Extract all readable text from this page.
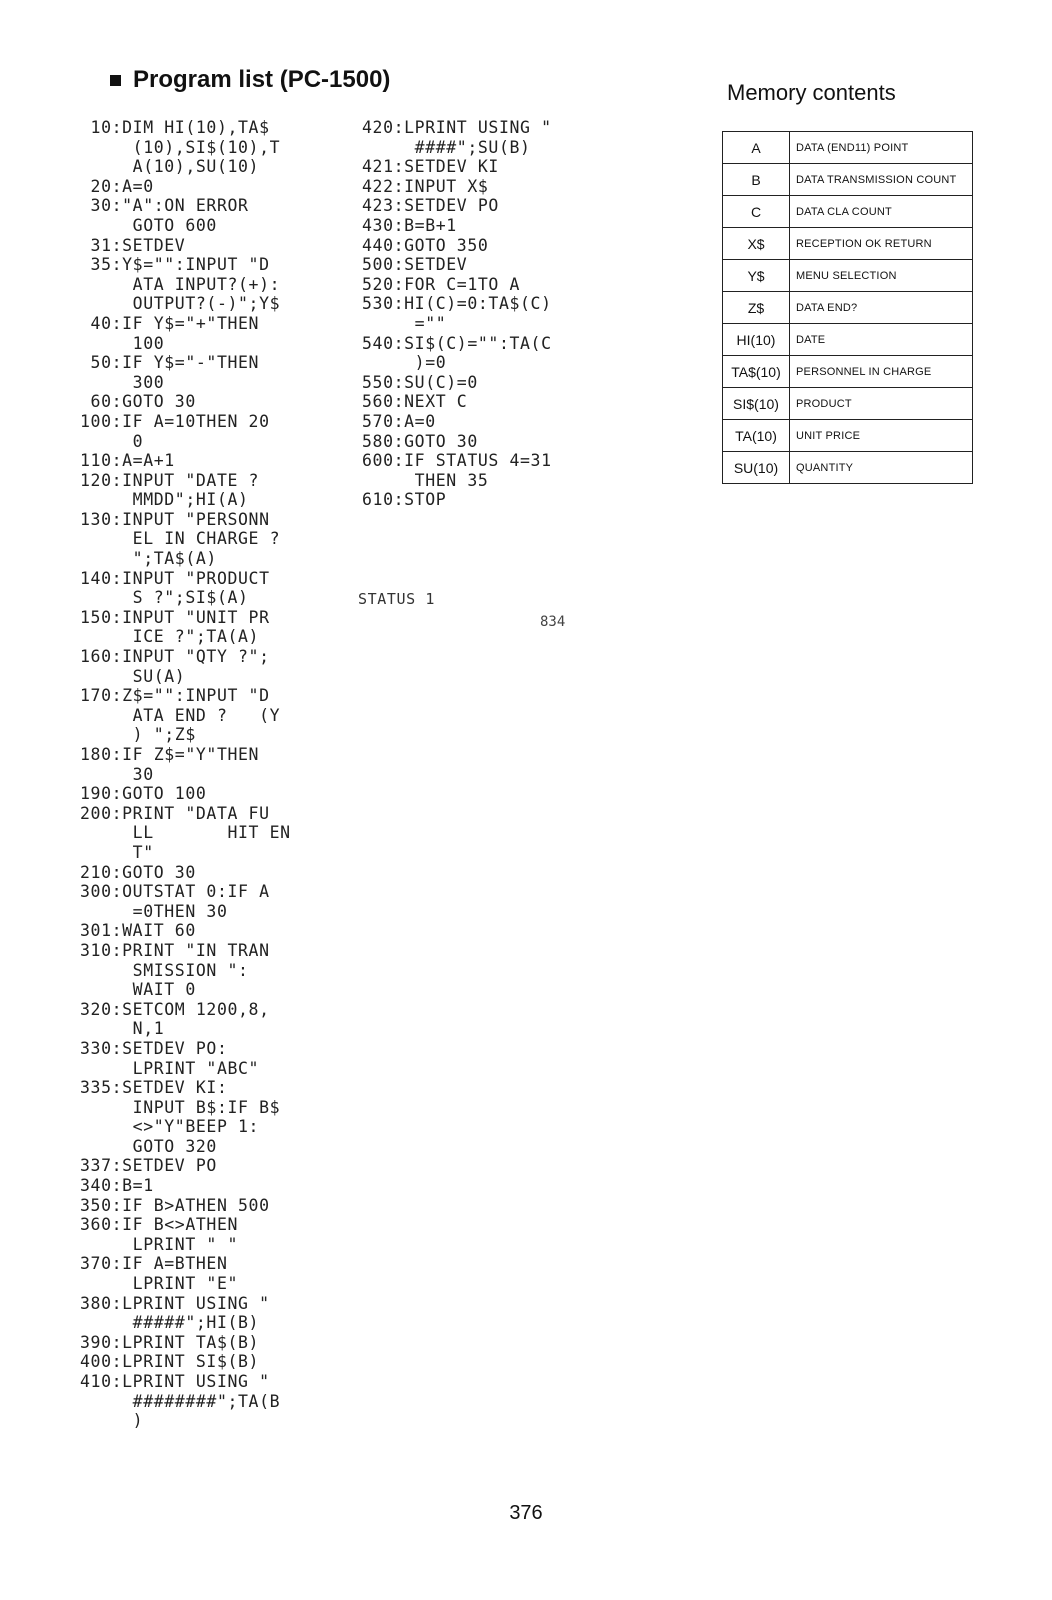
Program list (PC-1500)	Memory contents
10:DIM HI(10),TA$
(10),SI$(10),T
A(10),SU(10)
20:A=0
30:"A":ON ERROR
GOTO 600
31:SETDEV
35:Y$="":INPUT "D
ATA INPUT?(+):
OUTPUT?(-)";Y$
40:IF Y$="+"THEN
100
50:IF Y$="-"THEN
300
60:GOTO 30
100:IF A=10THEN 20
0
110:A=A+1
120:INPUT "DATE ?
MMDD";HI(A)
130:INPUT "PERSONN
EL IN CHARGE ?
";TA$(A)
140:INPUT "PRODUCT
S ?";SI$(A)
150:INPUT "UNIT PR
ICE ?";TA(A)
160:INPUT "QTY ?";
SU(A)
170:Z$="":INPUT "D
ATA END ?   (Y
) ";Z$
180:IF Z$="Y"THEN
30
190:GOTO 100
200:PRINT "DATA FU
LL       HIT EN
T"
210:GOTO 30
300:OUTSTAT 0:IF A
=0THEN 30
301:WAIT 60
310:PRINT "IN TRAN
SMISSION ":
WAIT 0
320:SETCOM 1200,8,
N,1
330:SETDEV PO:
LPRINT "ABC"
335:SETDEV KI:
INPUT B$:IF B$
<>"Y"BEEP 1:
GOTO 320
337:SETDEV PO
340:B=1
350:IF B>ATHEN 500
360:IF B<>ATHEN
LPRINT " "
370:IF A=BTHEN
LPRINT "E"
380:LPRINT USING "
#####";HI(B)
390:LPRINT TA$(B)
400:LPRINT SI$(B)
410:LPRINT USING "
########";TA(B
)
420:LPRINT USING "
####";SU(B)
421:SETDEV KI
422:INPUT X$
423:SETDEV PO
430:B=B+1
440:GOTO 350
500:SETDEV
520:FOR C=1TO A
530:HI(C)=0:TA$(C)
=""
540:SI$(C)="":TA(C
)=0
550:SU(C)=0
560:NEXT C
570:A=0
580:GOTO 30
600:IF STATUS 4=31
THEN 35
610:STOP
STATUS 1
834
A	DATA (END11) POINT
B	DATA TRANSMISSION COUNT
C	DATA CLA COUNT
X$	RECEPTION OK RETURN
Y$	MENU SELECTION
Z$	DATA END?
HI(10)	DATE
TA$(10)	PERSONNEL IN CHARGE
SI$(10)	PRODUCT
TA(10)	UNIT PRICE
SU(10)	QUANTITY
376
